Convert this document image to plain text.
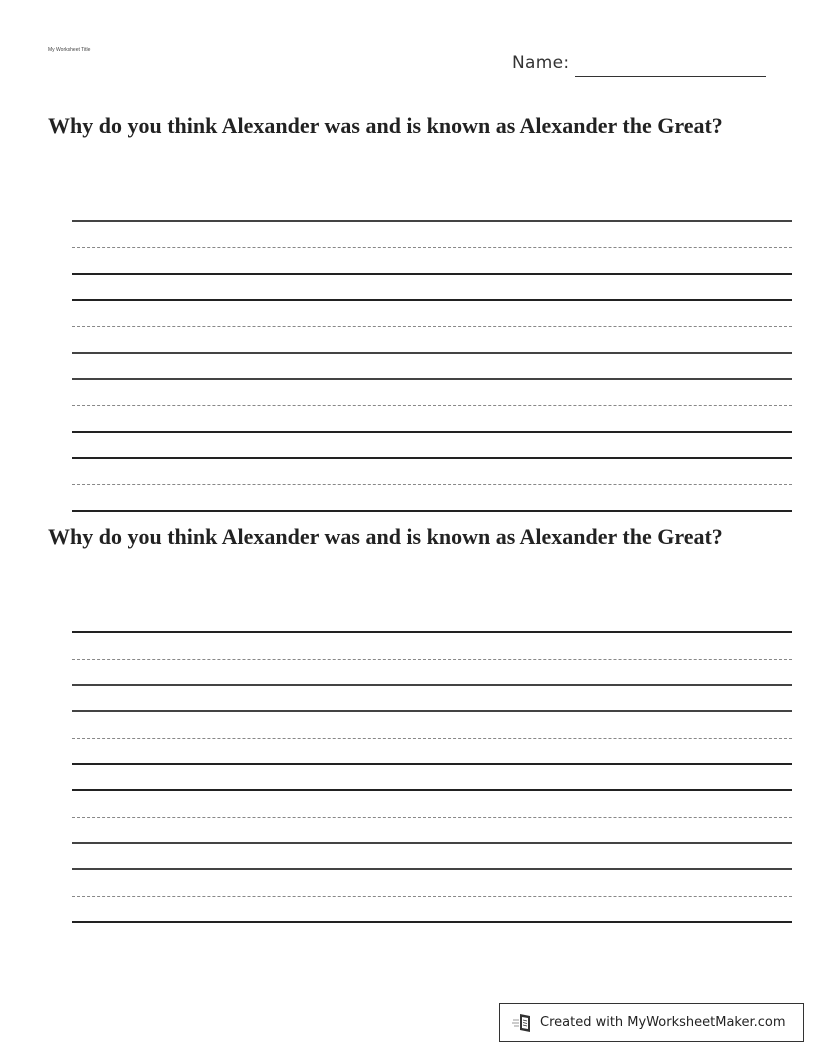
My Worksheet Title
Name:
Why do you think Alexander was and is known as Alexander the Great?
Why do you think Alexander was and is known as Alexander the Great?
Created with MyWorksheetMaker.com
